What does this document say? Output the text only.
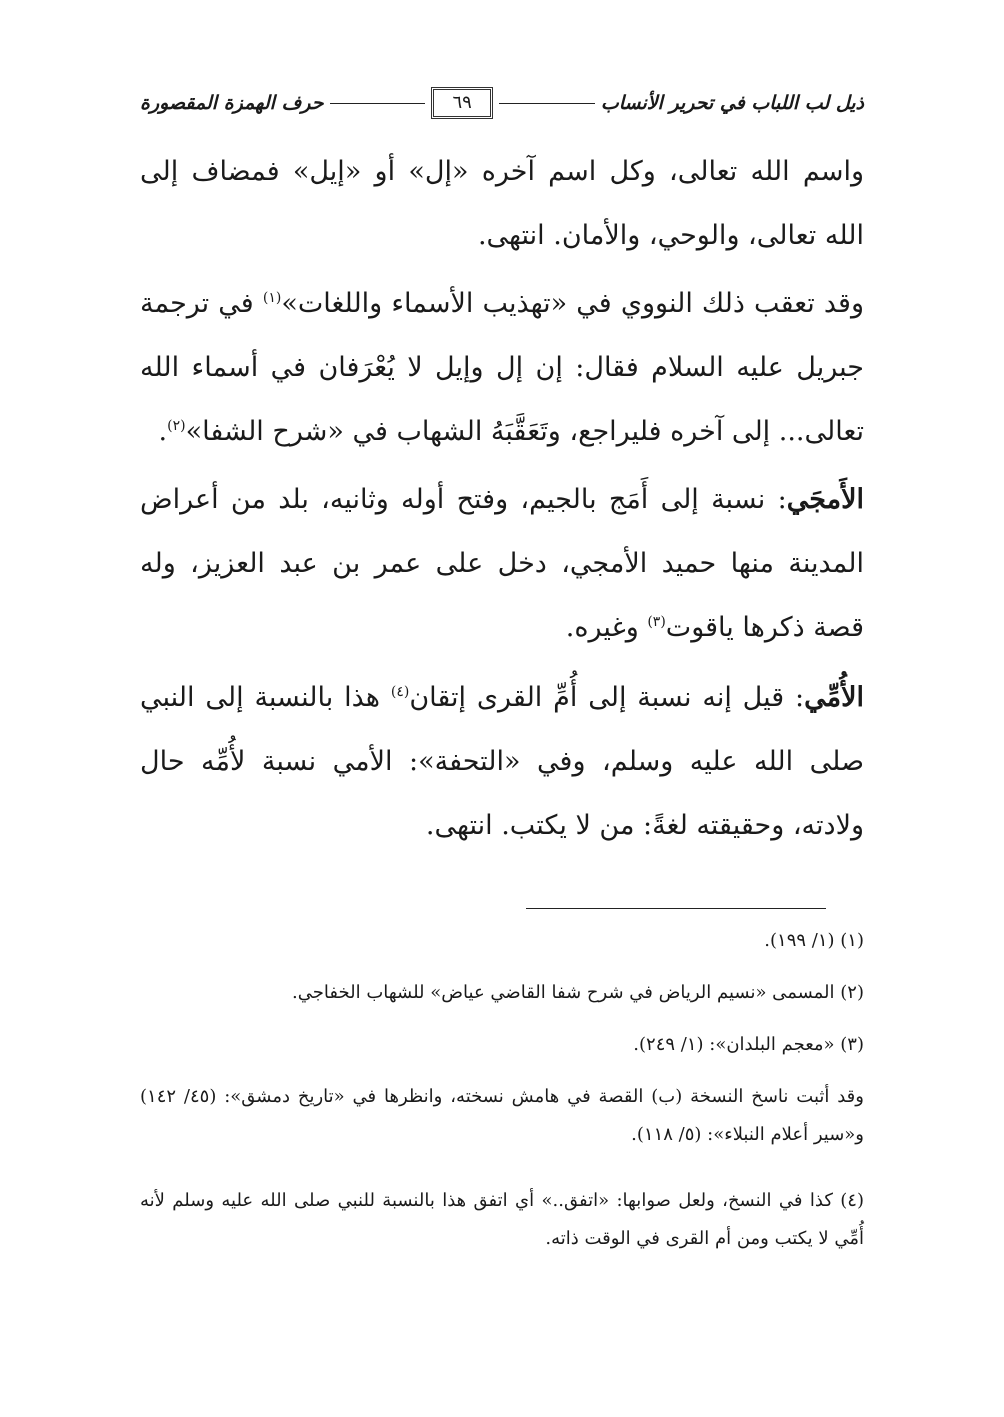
ذيل لب اللباب في تحرير الأنساب
٦٩
حرف الهمزة المقصورة

واسم الله تعالى، وكل اسم آخره «إل» أو «إيل» فمضاف إلى الله تعالى، والوحي، والأمان. انتهى.

وقد تعقب ذلك النووي في «تهذيب الأسماء واللغات»$^{(١)}$ في ترجمة جبريل عليه السلام فقال: إن إل وإيل لا يُعْرَفان في أسماء الله تعالى... إلى آخره فليراجع، وتَعَقَّبَهُ الشهاب في «شرح الشفا»$^{(٢)}$.

الأَمجَي: نسبة إلى أَمَج بالجيم، وفتح أوله وثانيه، بلد من أعراض المدينة منها حميد الأمجي، دخل على عمر بن عبد العزيز، وله قصة ذكرها ياقوت$^{(٣)}$ وغيره.

الأُمِّي: قيل إنه نسبة إلى أُمِّ القرى إتقان$^{(٤)}$ هذا بالنسبة إلى النبي صلى الله عليه وسلم، وفي «التحفة»: الأمي نسبة لأُمِّه حال ولادته، وحقيقته لغةً: من لا يكتب. انتهى.

(١) (١/ ١٩٩).

(٢) المسمى «نسيم الرياض في شرح شفا القاضي عياض» للشهاب الخفاجي.

(٣) «معجم البلدان»: (١/ ٢٤٩).

وقد أثبت ناسخ النسخة (ب) القصة في هامش نسخته، وانظرها في «تاريخ دمشق»: (٤٥/ ١٤٢) و«سير أعلام النبلاء»: (٥/ ١١٨).

(٤) كذا في النسخ، ولعل صوابها: «اتفق..» أي اتفق هذا بالنسبة للنبي صلى الله عليه وسلم لأنه أُمِّي لا يكتب ومن أم القرى في الوقت ذاته.
